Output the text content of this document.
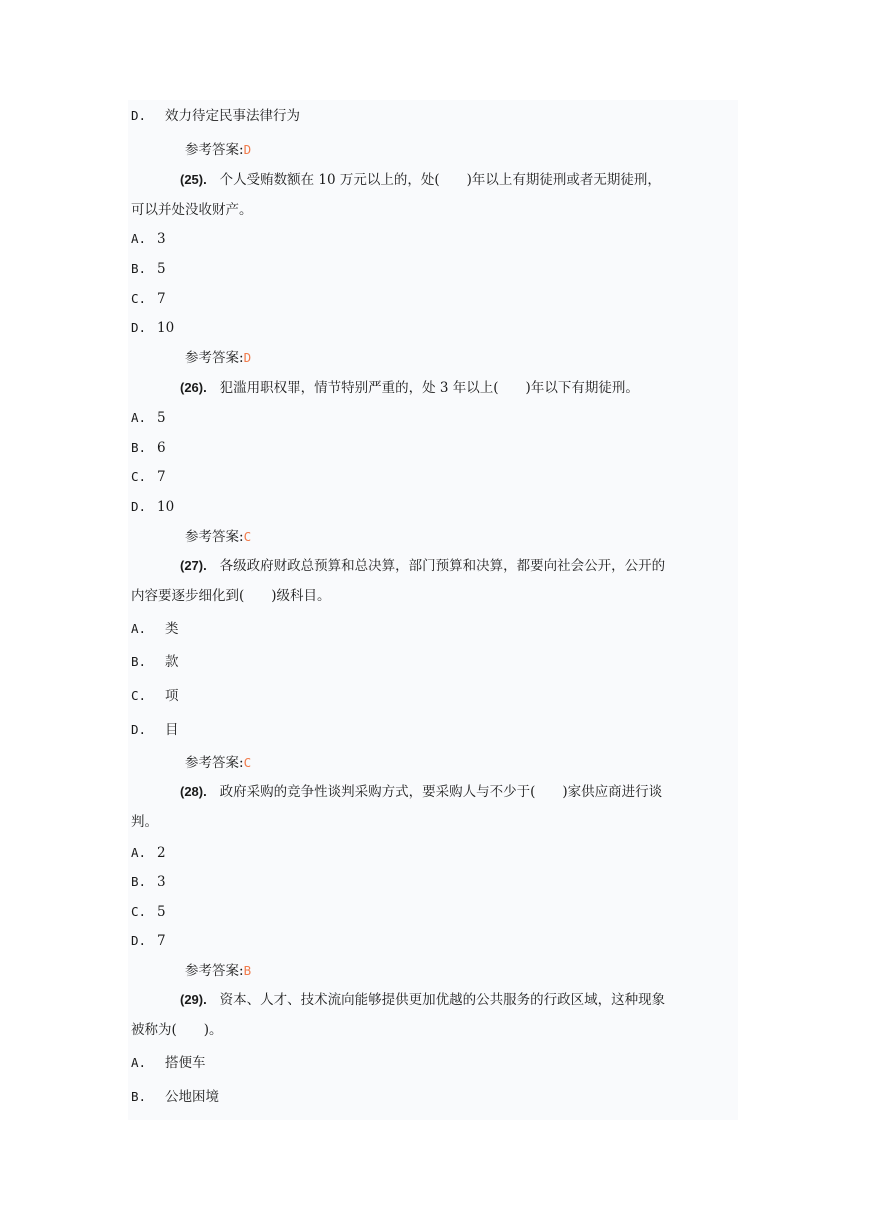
D. 效力待定民事法律行为
参考答案:D
(25). 个人受贿数额在 10 万元以上的，处(　　)年以上有期徒刑或者无期徒刑，
可以并处没收财产。
A. 3
B. 5
C. 7
D. 10
参考答案:D
(26). 犯滥用职权罪，情节特别严重的，处 3 年以上(　　)年以下有期徒刑。
A. 5
B. 6
C. 7
D. 10
参考答案:C
(27). 各级政府财政总预算和总决算，部门预算和决算，都要向社会公开，公开的
内容要逐步细化到(　　)级科目。
A. 类
B. 款
C. 项
D. 目
参考答案:C
(28). 政府采购的竞争性谈判采购方式，要采购人与不少于(　　)家供应商进行谈
判。
A. 2
B. 3
C. 5
D. 7
参考答案:B
(29). 资本、人才、技术流向能够提供更加优越的公共服务的行政区域，这种现象
被称为(　　)。
A. 搭便车
B. 公地困境
